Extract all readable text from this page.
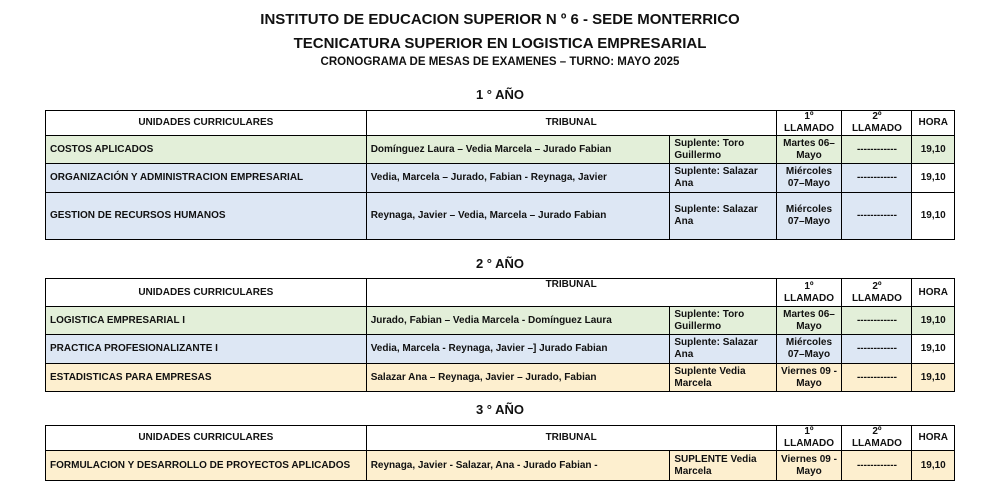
INSTITUTO DE EDUCACION SUPERIOR N º 6 - SEDE MONTERRICO
TECNICATURA SUPERIOR EN LOGISTICA EMPRESARIAL
CRONOGRAMA DE MESAS DE EXAMENES – TURNO: MAYO 2025
1 ° AÑO
UNIDADES CURRICULARES	TRIBUNAL		1º LLAMADO	2º LLAMADO	HORA
COSTOS APLICADOS	Domínguez Laura – Vedia Marcela – Jurado Fabian	Suplente: Toro Guillermo	Martes 06–Mayo	------------	19,10
ORGANIZACIÓN Y ADMINISTRACION EMPRESARIAL	Vedia, Marcela – Jurado, Fabian - Reynaga, Javier	Suplente: Salazar Ana	Miércoles 07–Mayo	------------	19,10
GESTION DE RECURSOS HUMANOS	Reynaga, Javier – Vedia, Marcela – Jurado Fabian	Suplente: Salazar Ana	Miércoles 07–Mayo	------------	19,10
2 ° AÑO
UNIDADES CURRICULARES	TRIBUNAL		1º LLAMADO	2º LLAMADO	HORA
LOGISTICA EMPRESARIAL I	Jurado, Fabian – Vedia Marcela - Domínguez Laura	Suplente: Toro Guillermo	Martes 06–Mayo	------------	19,10
PRACTICA PROFESIONALIZANTE I	Vedia, Marcela - Reynaga, Javier –] Jurado Fabian	Suplente: Salazar Ana	Miércoles 07–Mayo	------------	19,10
ESTADISTICAS PARA EMPRESAS	Salazar Ana – Reynaga, Javier – Jurado, Fabian	Suplente Vedia Marcela	Viernes 09 -Mayo	------------	19,10
3 ° AÑO
UNIDADES CURRICULARES	TRIBUNAL		1º LLAMADO	2º LLAMADO	HORA
FORMULACION Y DESARROLLO DE PROYECTOS APLICADOS	Reynaga, Javier - Salazar, Ana - Jurado Fabian -	SUPLENTE Vedia Marcela	Viernes 09 -Mayo	------------	19,10
